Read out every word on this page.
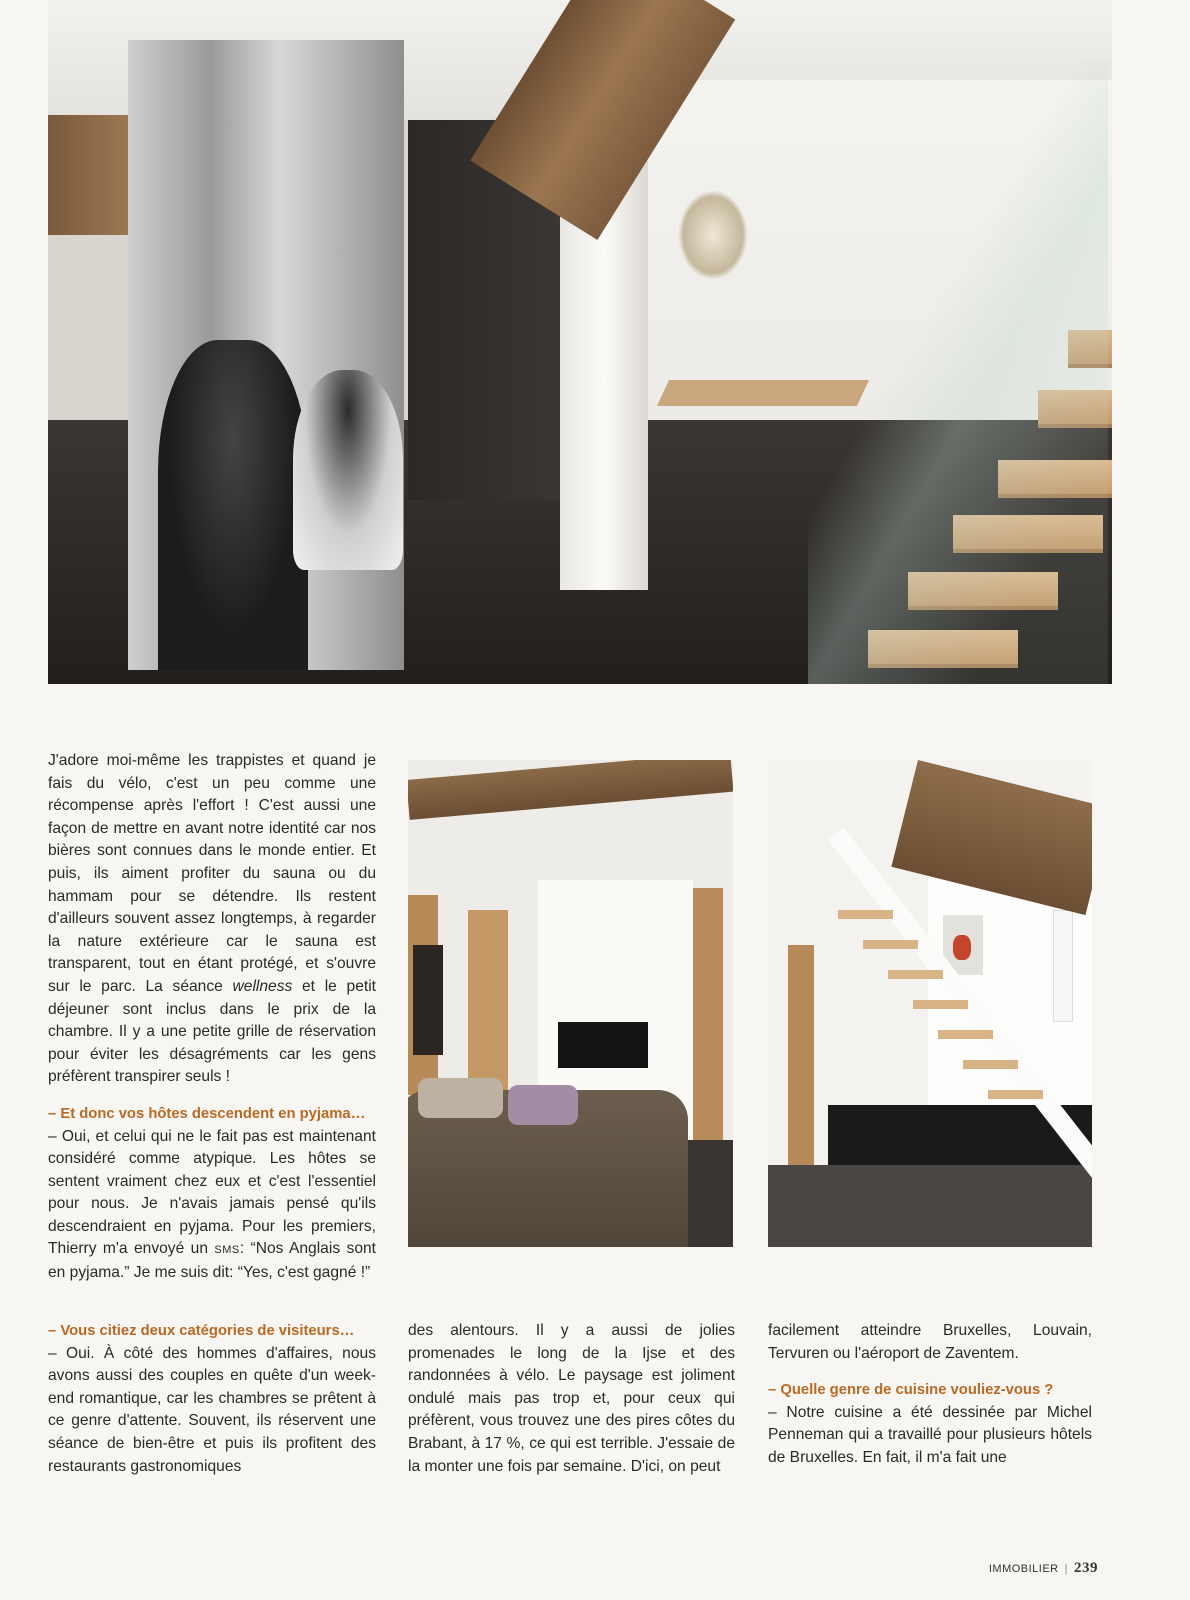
J'adore moi-même les trappistes et quand je fais du vélo, c'est un peu comme une récompense après l'effort ! C'est aussi une façon de mettre en avant notre identité car nos bières sont connues dans le monde entier. Et puis, ils aiment profiter du sauna ou du hammam pour se détendre. Ils restent d'ailleurs souvent assez longtemps, à regarder la nature extérieure car le sauna est transparent, tout en étant protégé, et s'ouvre sur le parc. La séance wellness et le petit déjeuner sont inclus dans le prix de la chambre. Il y a une petite grille de réservation pour éviter les désagréments car les gens préfèrent transpirer seuls !

– Et donc vos hôtes descendent en pyjama…

– Oui, et celui qui ne le fait pas est maintenant considéré comme atypique. Les hôtes se sentent vraiment chez eux et c'est l'essentiel pour nous. Je n'avais jamais pensé qu'ils descendraient en pyjama. Pour les premiers, Thierry m'a envoyé un SMS: “Nos Anglais sont en pyjama.” Je me suis dit: “Yes, c'est gagné !”

– Vous citiez deux catégories de visiteurs…

– Oui. À côté des hommes d'affaires, nous avons aussi des couples en quête d'un week-end romantique, car les chambres se prêtent à ce genre d'attente. Souvent, ils réservent une séance de bien-être et puis ils profitent des restaurants gastronomiques

des alentours. Il y a aussi de jolies promenades le long de la Ijse et des randonnées à vélo. Le paysage est joliment ondulé mais pas trop et, pour ceux qui préfèrent, vous trouvez une des pires côtes du Brabant, à 17 %, ce qui est terrible. J'essaie de la monter une fois par semaine. D'ici, on peut

facilement atteindre Bruxelles, Louvain, Tervuren ou l'aéroport de Zaventem.

– Quelle genre de cuisine vouliez-vous ?

– Notre cuisine a été dessinée par Michel Penneman qui a travaillé pour plusieurs hôtels de Bruxelles. En fait, il m'a fait une

IMMOBILIER | 239
